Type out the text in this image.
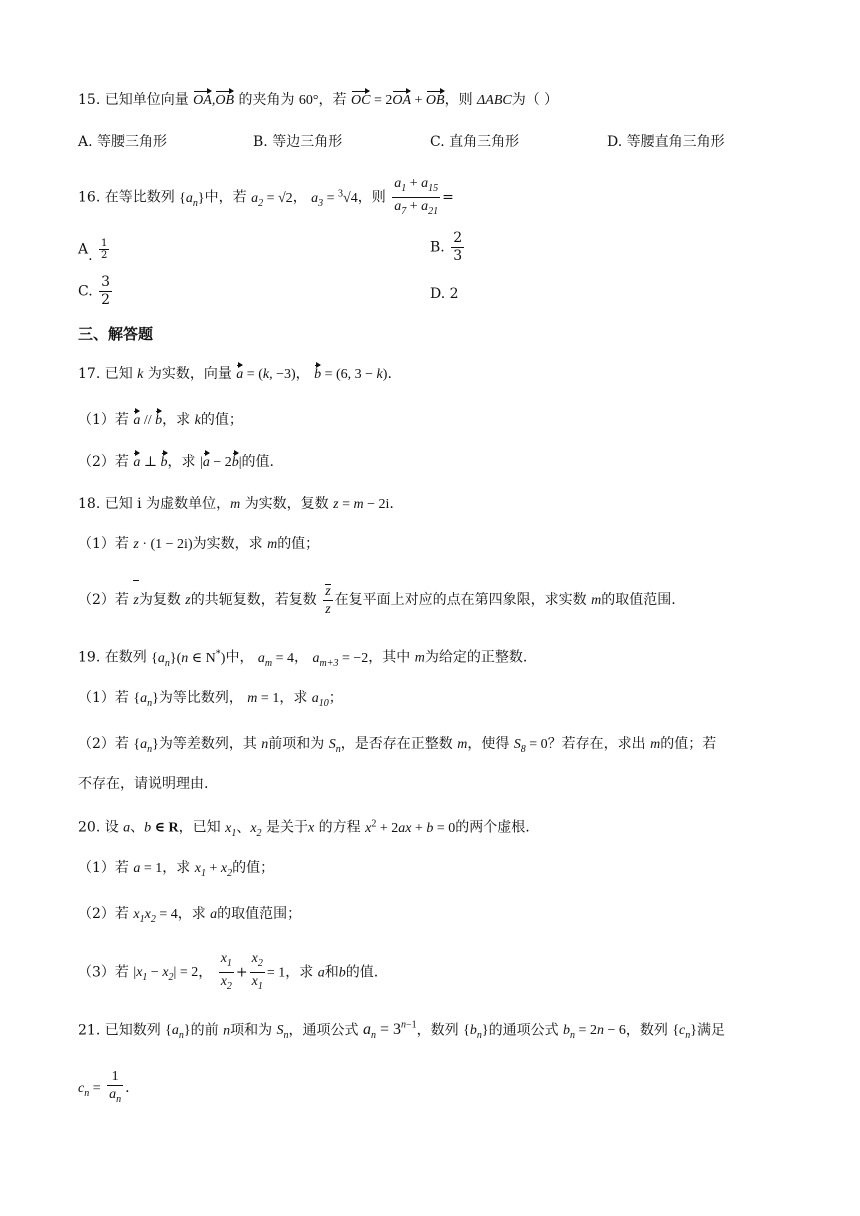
15. 已知单位向量 OA,OB 的夹角为 60°，若 OC = 2OA + OB，则 ΔABC为（ ）
A. 等腰三角形	B. 等边三角形	C. 直角三角形	D. 等腰直角三角形
16. 在等比数列 $\{a_n\}$中，若 $a_2 = √2$， $a_3 = ^3√4$，则 $\frac{a_1 + a_{15}}{a_7 + a_{21}}$ =
A. $\frac{1}{2}$	B. $\frac{2}{3}$
C. $\frac{3}{2}$	D. 2
三、解答题
17. 已知 k 为实数，向量 a = (k, −3)， b = (6, 3 − k).
（1）若 a // b，求 k的值；
（2）若 a ⊥ b，求 |a − 2b|的值.
18. 已知 i 为虚数单位，m 为实数，复数 z = m − 2i.
（1）若 z · (1 − 2i)为实数，求 m的值；
（2）若 z为复数 z的共轭复数，若复数 $\frac{z}{z}$ 在复平面上对应的点在第四象限，求实数 m的取值范围.
19. 在数列 $\{a_n\}(n$ ∈ N*)中， $a_m = 4$， $a_{m+3} = -2$，其中 m为给定的正整数.
（1）若 $\{a_n\}$为等比数列， m = 1，求 $a_{10}$；
（2）若 $\{a_n\}$为等差数列，其 n前项和为 $S_n$，是否存在正整数 m，使得 $S_8 = 0$？若存在，求出 m的值；若
不存在，请说明理由.
20. 设 a、b ∈ R，已知 $x_1$、$x_2$ 是关于x 的方程 $x^2 + 2ax + b = 0$的两个虚根.
（1）若 a = 1，求 $x_1 + x_2$的值；
（2）若 $x_1x_2 = 4$，求 a的取值范围；
（3）若 $|x_1 - x_2| = 2$， $\frac{x_1}{x_2} + \frac{x_2}{x_1} = 1$，求 a和b的值.
21. 已知数列 $\{a_n\}$的前 n项和为 $S_n$，通项公式 $a_n = 3^{n-1}$，数列 $\{b_n\}$的通项公式 $b_n = 2n - 6$，数列 $\{c_n\}$满足
$c_n = \frac{1}{a_n}$ .
